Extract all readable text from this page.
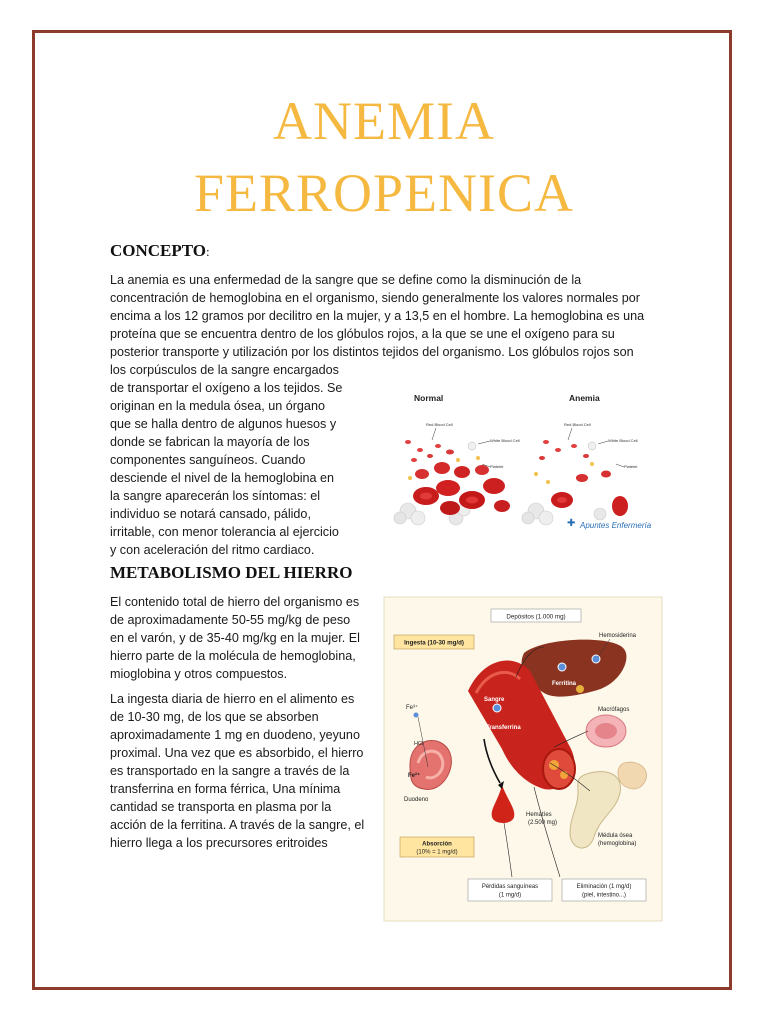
ANEMIA
FERROPENICA
CONCEPTO:
La anemia es una enfermedad de la sangre que se define como la disminución de la
concentración de hemoglobina en el organismo, siendo generalmente los valores normales por
encima a los 12 gramos por decilitro en la mujer, y a 13,5 en el hombre. La hemoglobina es una
proteína que se encuentra dentro de los glóbulos rojos, a la que se une el oxígeno para su
posterior transporte y utilización por los distintos tejidos del organismo. Los glóbulos rojos son
los corpúsculos de la sangre encargados
de transportar el oxígeno a los tejidos. Se
originan en la medula ósea, un órgano
que se halla dentro de algunos huesos y
donde se fabrican la mayoría de los
componentes sanguíneos. Cuando
desciende el nivel de la hemoglobina en
la sangre aparecerán los síntomas: el
individuo se notará cansado, pálido,
irritable, con menor tolerancia al ejercicio
y con aceleración del ritmo cardiaco.
Normal	Anemia
Red Blood Cell
White Blood Cell
Platelet
Red Blood Cell
White Blood Cell
Platelet
Apuntes Enfermería
✚
METABOLISMO DEL HIERRO
El contenido total de hierro del organismo es
de aproximadamente 50-55 mg/kg de peso
en el varón, y de 35-40 mg/kg en la mujer. El
hierro parte de la molécula de hemoglobina,
mioglobina y otros compuestos.
La ingesta diaria de hierro en el alimento es
de 10-30 mg, de los que se absorben
aproximadamente 1 mg en duodeno, yeyuno
proximal. Una vez que es absorbido, el hierro
es transportado en la sangre a través de la
transferrina en forma férrica, Una mínima
cantidad se transporta en plasma por la
acción de la ferritina. A través de la sangre, el
hierro llega a los precursores eritroides
Depósitos (1.000 mg)
Ingesta (10-30 mg/d)
Ferritina
Hemosiderina
Macrófagos
Sangre
Transferrina
Fe³⁺
HCl
Fe²⁺
Duodeno
Hematíes
(2.500 mg)
Médula ósea
(hemoglobina)
Absorción
(10% = 1 mg/d)
Pérdidas sanguíneas
(1 mg/d)
Eliminación (1 mg/d)
(piel, intestino...)
